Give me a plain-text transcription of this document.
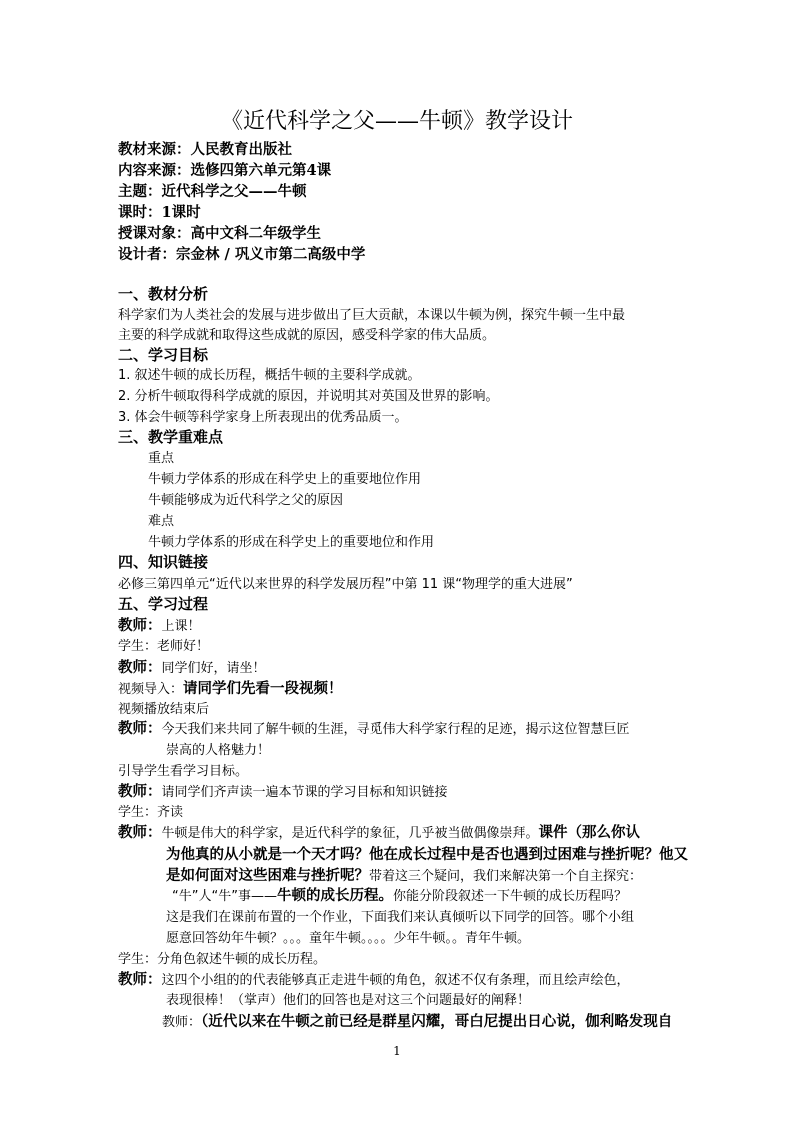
《近代科学之父——牛顿》教学设计
教材来源：人民教育出版社
内容来源：选修四第六单元第4课
主题：近代科学之父——牛顿
课时：1课时
授课对象：高中文科二年级学生
设计者：宗金林 / 巩义市第二高级中学
一、教材分析
科学家们为人类社会的发展与进步做出了巨大贡献，本课以牛顿为例，探究牛顿一生中最
主要的科学成就和取得这些成就的原因，感受科学家的伟大品质。
二、学习目标
1. 叙述牛顿的成长历程，概括牛顿的主要科学成就。
2. 分析牛顿取得科学成就的原因，并说明其对英国及世界的影响。
3. 体会牛顿等科学家身上所表现出的优秀品质一。
三、教学重难点
重点
牛顿力学体系的形成在科学史上的重要地位作用
牛顿能够成为近代科学之父的原因
难点
牛顿力学体系的形成在科学史上的重要地位和作用
四、知识链接
必修三第四单元“近代以来世界的科学发展历程”中第 11 课“物理学的重大进展”
五、学习过程
教师：上课！
学生：老师好！
教师：同学们好，请坐！
视频导入：请同学们先看一段视频！
视频播放结束后
教师：今天我们来共同了解牛顿的生涯，寻觅伟大科学家行程的足迹，揭示这位智慧巨匠
崇高的人格魅力！
引导学生看学习目标。
教师：请同学们齐声读一遍本节课的学习目标和知识链接
学生：齐读
教师：牛顿是伟大的科学家，是近代科学的象征，几乎被当做偶像崇拜。课件（那么你认
为他真的从小就是一个天才吗？他在成长过程中是否也遇到过困难与挫折呢？他又
是如何面对这些困难与挫折呢？带着这三个疑问，我们来解决第一个自主探究：
“牛”人“牛”事——牛顿的成长历程。你能分阶段叙述一下牛顿的成长历程吗？
这是我们在课前布置的一个作业，下面我们来认真倾听以下同学的回答。哪个小组
愿意回答幼年牛顿？。。。童年牛顿。。。。少年牛顿。。青年牛顿。
学生：分角色叙述牛顿的成长历程。
教师：这四个小组的的代表能够真正走进牛顿的角色，叙述不仅有条理，而且绘声绘色，
表现很棒！（掌声）他们的回答也是对这三个问题最好的阐释！
教师：（近代以来在牛顿之前已经是群星闪耀，哥白尼提出日心说，伽利略发现自
1
